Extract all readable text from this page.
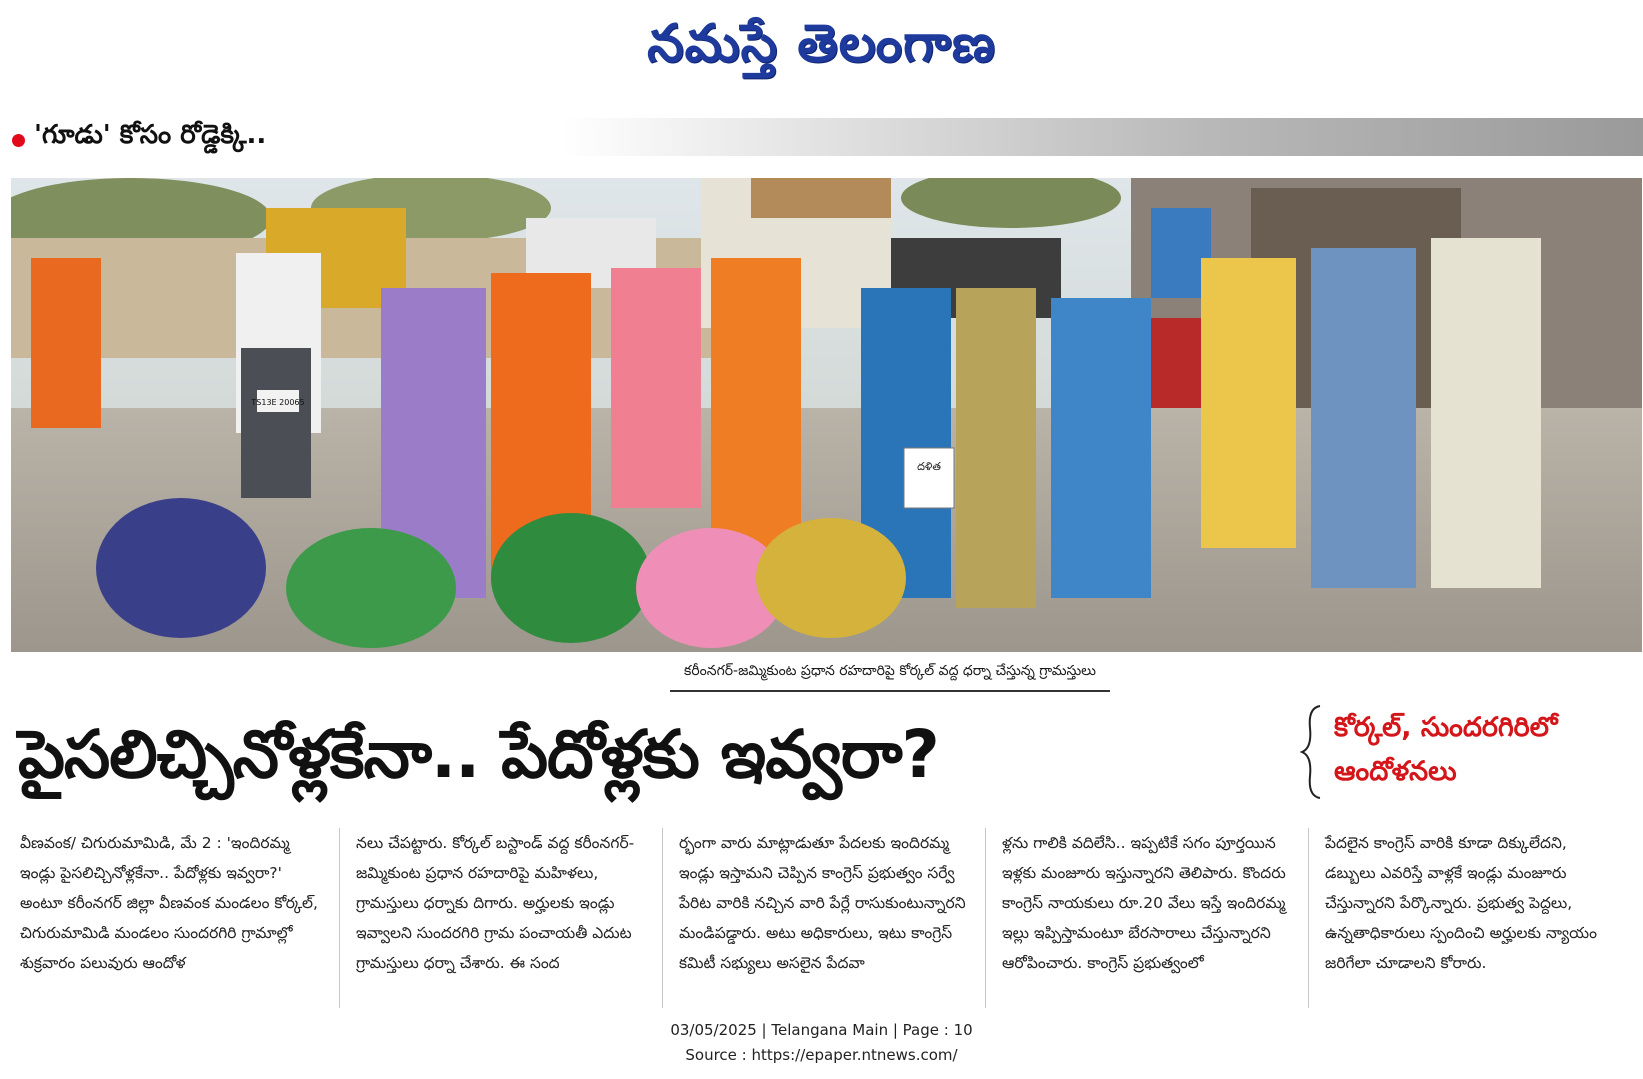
నమస్తే తెలంగాణ
'గూడు' కోసం రోడ్డెక్కి..
TS13E 20065
దళిత
కరీంనగర్-జమ్మికుంట ప్రధాన రహదారిపై కోర్కల్ వద్ద ధర్నా చేస్తున్న గ్రామస్తులు
పైసలిచ్చినోళ్లకేనా.. పేదోళ్లకు ఇవ్వరా?	కోర్కల్, సుందరగిరిలో
ఆందోళనలు

వీణవంక/ చిగురుమామిడి, మే 2 : 'ఇందిరమ్మ ఇండ్లు పైసలిచ్చినోళ్లకేనా.. పేదోళ్లకు ఇవ్వరా?' అంటూ కరీంనగర్ జిల్లా వీణవంక మండలం కోర్కల్, చిగురుమామిడి మండలం సుందరగిరి గ్రామాల్లో శుక్రవారం పలువురు ఆందోళ

నలు చేపట్టారు. కోర్కల్ బస్టాండ్ వద్ద కరీంనగర్-జమ్మికుంట ప్రధాన రహదారిపై మహిళలు, గ్రామస్తులు ధర్నాకు దిగారు. అర్హులకు ఇండ్లు ఇవ్వాలని సుందరగిరి గ్రామ పంచాయతీ ఎదుట గ్రామస్తులు ధర్నా చేశారు. ఈ సంద

ర్భంగా వారు మాట్లాడుతూ పేదలకు ఇందిరమ్మ ఇండ్లు ఇస్తామని చెప్పిన కాంగ్రెస్ ప్రభుత్వం సర్వే పేరిట వారికి నచ్చిన వారి పేర్లే రాసుకుంటున్నారని మండిపడ్డారు. అటు అధికారులు, ఇటు కాంగ్రెస్ కమిటీ సభ్యులు అసలైన పేదవా

ళ్లను గాలికి వదిలేసి.. ఇప్పటికే సగం పూర్తయిన ఇళ్లకు మంజూరు ఇస్తున్నారని తెలిపారు. కొందరు కాంగ్రెస్ నాయకులు రూ.20 వేలు ఇస్తే ఇందిరమ్మ ఇల్లు ఇప్పిస్తామంటూ బేరసారాలు చేస్తున్నారని ఆరోపించారు. కాంగ్రెస్ ప్రభుత్వంలో

పేదలైన కాంగ్రెస్ వారికి కూడా దిక్కులేదని, డబ్బులు ఎవరిస్తే వాళ్లకే ఇండ్లు మంజూరు చేస్తున్నారని పేర్కొన్నారు. ప్రభుత్వ పెద్దలు, ఉన్నతాధికారులు స్పందించి అర్హులకు న్యాయం జరిగేలా చూడాలని కోరారు.

03/05/2025 | Telangana Main | Page : 10
Source : https://epaper.ntnews.com/
